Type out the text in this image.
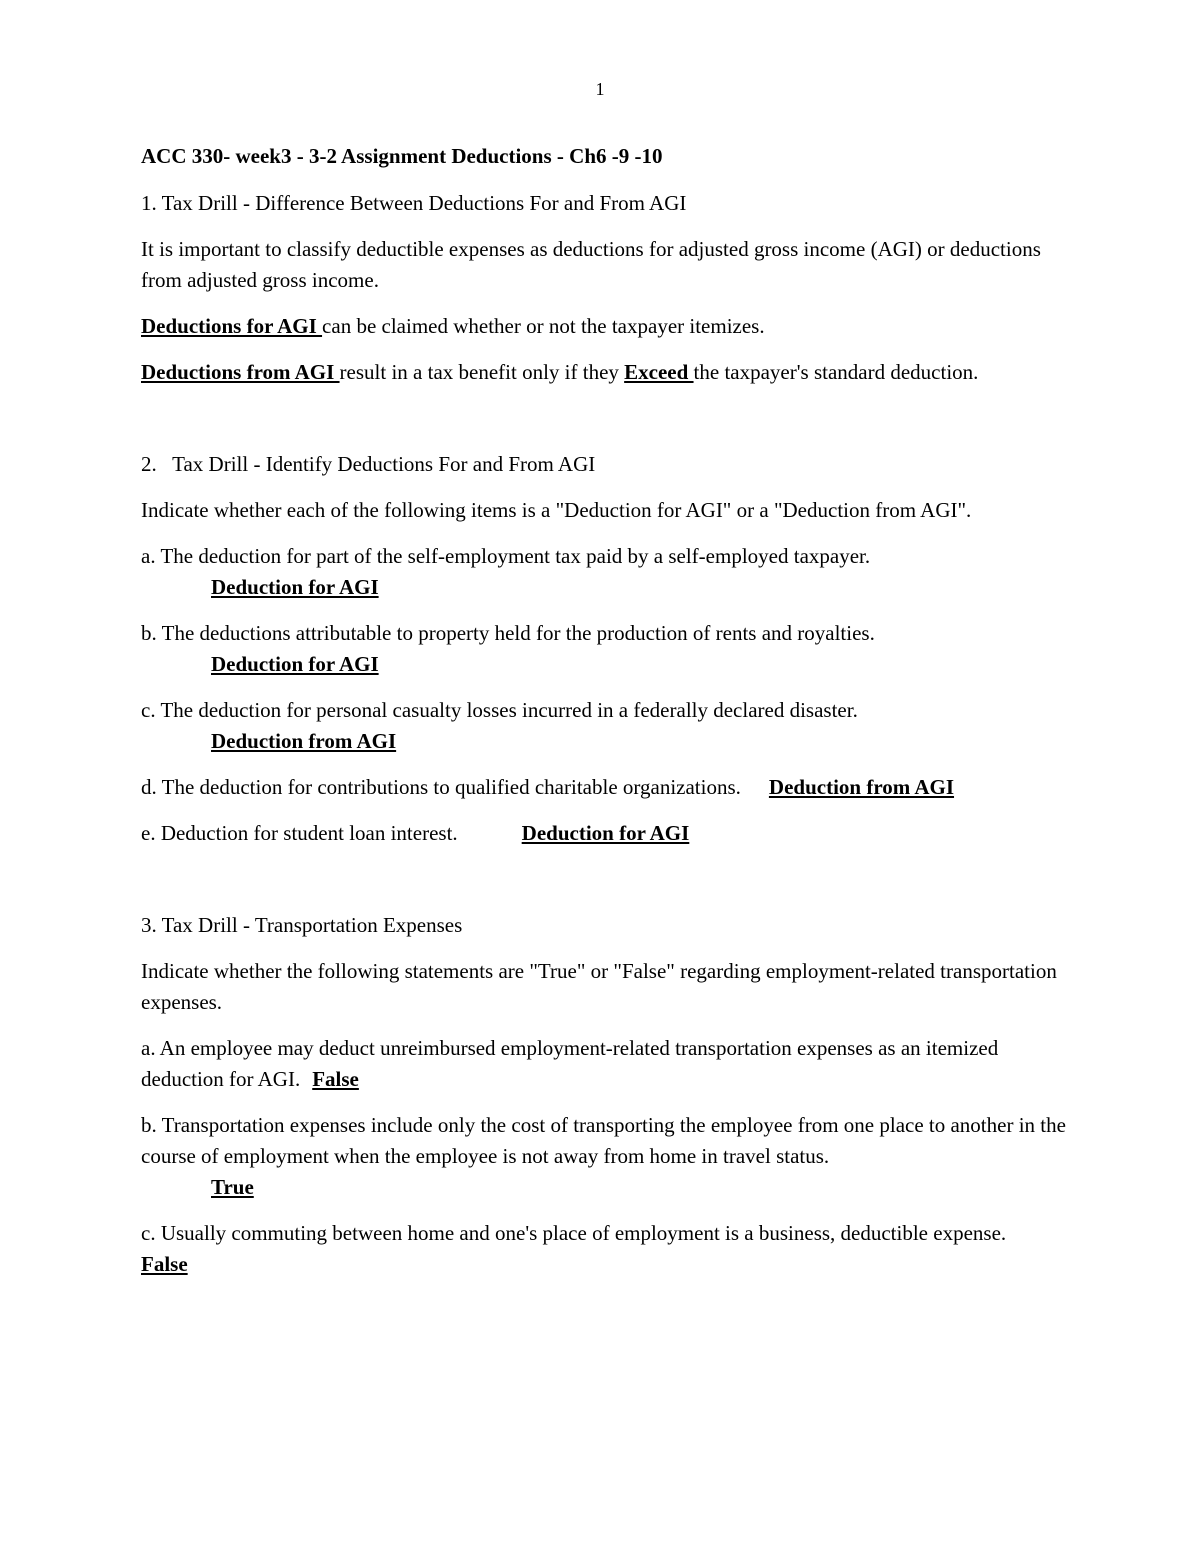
1

ACC 330- week3 - 3-2 Assignment Deductions - Ch6 -9 -10

1. Tax Drill - Difference Between Deductions For and From AGI

It is important to classify deductible expenses as deductions for adjusted gross income (AGI) or deductions from adjusted gross income.

Deductions for AGI can be claimed whether or not the taxpayer itemizes.

Deductions from AGI result in a tax benefit only if they Exceed the taxpayer's standard deduction.

2.   Tax Drill - Identify Deductions For and From AGI

Indicate whether each of the following items is a "Deduction for AGI" or a "Deduction from AGI".

a. The deduction for part of the self-employment tax paid by a self-employed taxpayer.

Deduction for AGI

b. The deductions attributable to property held for the production of rents and royalties.

Deduction for AGI

c. The deduction for personal casualty losses incurred in a federally declared disaster.

Deduction from AGI

d. The deduction for contributions to qualified charitable organizations. Deduction from AGI

e. Deduction for student loan interest.	Deduction for AGI

3. Tax Drill - Transportation Expenses

Indicate whether the following statements are "True" or "False" regarding employment-related transportation expenses.

a. An employee may deduct unreimbursed employment-related transportation expenses as an itemized deduction for AGI. False

b. Transportation expenses include only the cost of transporting the employee from one place to another in the course of employment when the employee is not away from home in travel status.

True

c. Usually commuting between home and one's place of employment is a business, deductible expense.False
